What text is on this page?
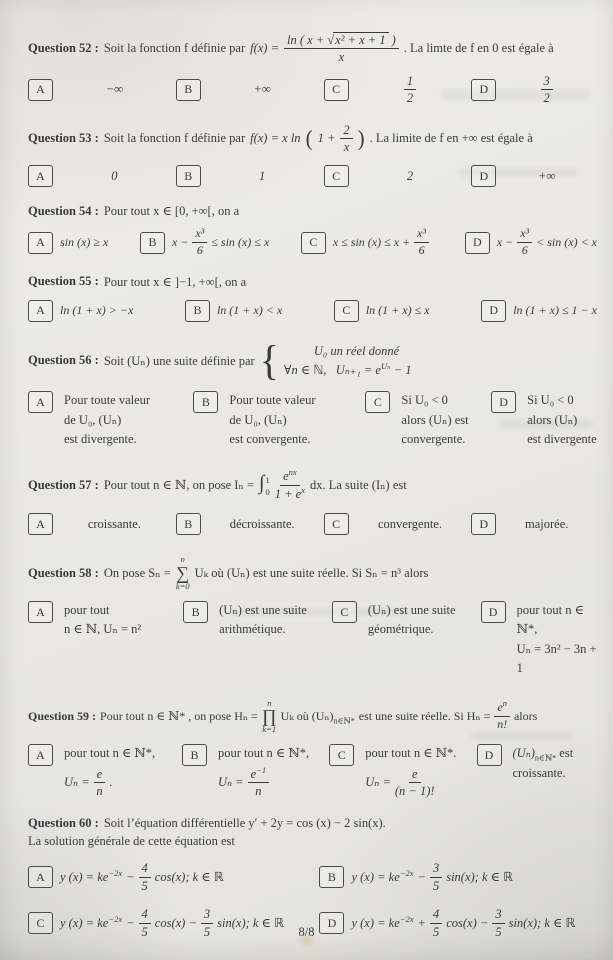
Question 52 : Soit la fonction f définie par $f(x) = \frac{\text{ln ( x + √ x² + x + 1 )}}{x}$ . La limte de f en 0 est égale à
A	−∞	B	+∞	C	$\frac{1}{2}$	D	$\frac{3}{2}$
Question 53 : Soit la fonction f définie par f(x) = x ln ( $1 + \frac{2}{x}$ ) . La limite de f en +∞ est égale à
A	0	B	1	C	2	D	+∞
Question 54 : Pour tout x ∈ [0, +∞[, on a
A	sin (x) ≥ x	B	$x - \frac{\text{x³}}{6} \le \sin (x) \le x$	C	$x \le \sin (x) \le x + \frac{\text{x³}}{6}$	D	$x - \frac{\text{x³}}{6} < \sin (x) < x$
Question 55 : Pour tout x ∈ ]−1, +∞[, on a
A	ln (1 + x) > −x	B	ln (1 + x) < x	C	ln (1 + x) ≤ x	D	ln (1 + x) ≤ 1 − x
Question 56 : Soit (Uₙ) une suite définie par {	U₀ un réel donné
∀n ∈ ℕ,   $U_{n+1} = e^{U_n} - 1$
A	Pour toute valeur
de U₀, (Uₙ)
est divergente.
B	Pour toute valeur
de U₀, (Uₙ)
est convergente.
C	Si U₀ < 0
alors (Uₙ) est
convergente.
D	Si U₀ < 0
alors (Uₙ)
est divergente
Question 57 : Pour tout n ∈ ℕ, on pose Iₙ = ∫ 1
$0 \frac{e^{nx}}{1 + e^x}$ dx. La suite (Iₙ) est
A	croissante.	B	décroissante.	C	convergente.	D	majorée.
Question 58 : On pose Sₙ =
n
∑
k=0
Uₖ où (Uₙ) est une suite réelle. Si Sₙ = n³ alors
A	pour tout
n ∈ ℕ, Uₙ = n²
B	(Uₙ) est une suite
arithmétique.
C	(Uₙ) est une suite
géométrique.
D	pour tout n ∈ ℕ*,
Uₙ = 3n² − 3n + 1
Question 59 : Pour tout n ∈ ℕ* , on pose Hₙ =
n
∏
k=1
Uₖ où $(U_n)_{n\in ℕ*}$ est une suite réelle. Si $H_n = \frac{e^n}{n!}$ alors
A	pour tout n ∈ ℕ*,
$U_n = \frac{e}{n}$ .
B	pour tout n ∈ ℕ*,
$U_n = \frac{e^{-1}}{n}$
C	pour tout n ∈ ℕ*.
$U_n = \frac{e}{(n - 1)!}$
D	$(U_n)_{n\in ℕ*}$ est
croissante.
Question 60 : Soit l’équation différentielle y′ + 2y = cos (x) − 2 sin(x).
La solution générale de cette équation est
A	y $(x) = ke^{-2x} - \frac{4}{5} \cos(x)$; k ∈ ℝ	B	y $(x) = ke^{-2x} - \frac{3}{5} \sin(x)$; k ∈ ℝ
C	y $(x) = ke^{-2x} - \frac{4}{5} \cos(x) - \frac{3}{5} \sin(x)$; k ∈ ℝ	D	y $(x) = ke^{-2x} + \frac{4}{5} \cos(x) - \frac{3}{5} \sin(x)$; k ∈ ℝ
8/8
